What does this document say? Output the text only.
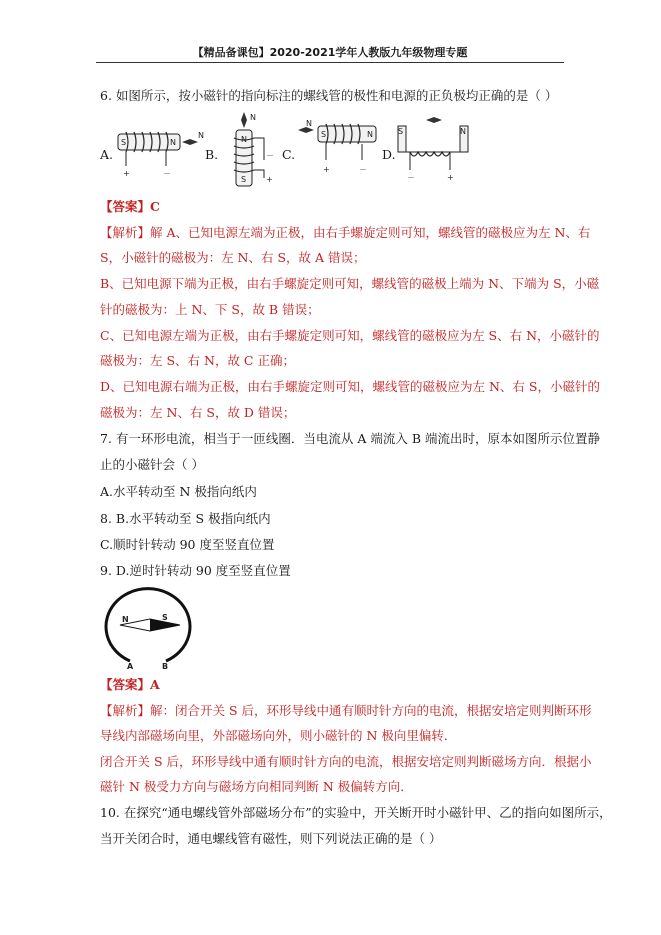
【精品备课包】2020-2021学年人教版九年级物理专题
6. 如图所示，按小磁针的指向标注的螺线管的极性和电源的正负极均正确的是（ ）
A.
S	N
N
+	－
B.
N
N
S
－
+
C.
N
S	N
+	－
D.
S	N
－	+
【答案】C
【解析】解 A、已知电源左端为正极，由右手螺旋定则可知，螺线管的磁极应为左 N、右
S，小磁针的磁极为：左 N、右 S，故 A 错误；
B、已知电源下端为正极，由右手螺旋定则可知，螺线管的磁极上端为 N、下端为 S，小磁
针的磁极为：上 N、下 S，故 B 错误；
C、已知电源左端为正极，由右手螺旋定则可知，螺线管的磁极应为左 S、右 N，小磁针的
磁极为：左 S、右 N，故 C 正确；
D、已知电源右端为正极，由右手螺旋定则可知，螺线管的磁极应为左 N、右 S，小磁针的
磁极为：左 N、右 S，故 D 错误；
7. 有一环形电流，相当于一匝线圈．当电流从 A 端流入 B 端流出时，原本如图所示位置静
止的小磁针会（ ）
A.水平转动至 N 极指向纸内
8. B.水平转动至 S 极指向纸内
C.顺时针转动 90 度至竖直位置
9. D.逆时针转动 90 度至竖直位置
N	S
A	B
【答案】A
【解析】解：闭合开关 S 后，环形导线中通有顺时针方向的电流，根据安培定则判断环形
导线内部磁场向里，外部磁场向外，则小磁针的 N 极向里偏转．
闭合开关 S 后，环形导线中通有顺时针方向的电流，根据安培定则判断磁场方向．根据小
磁针 N 极受力方向与磁场方向相同判断 N 极偏转方向．
10. 在探究“通电螺线管外部磁场分布”的实验中，开关断开时小磁针甲、乙的指向如图所示，
当开关闭合时，通电螺线管有磁性，则下列说法正确的是（ ）
